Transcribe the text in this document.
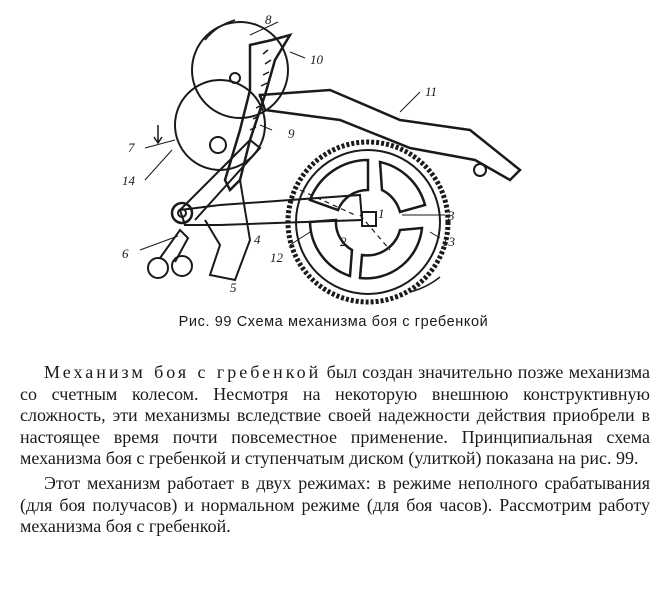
1
2
3
4
5
6
7
8
9
10
11
12
13
14
Рис. 99 Схема механизма боя с гребенкой

Механизм боя с гребенкой был создан значительно позже механизма со счетным колесом. Несмотря на некоторую внешнюю конструктивную сложность, эти механизмы вследствие своей надежности действия приобрели в настоящее время почти повсеместное применение. Принципиальная схема механизма боя с гребенкой и ступенчатым диском (улиткой) показана на рис. 99.

Этот механизм работает в двух режимах: в режиме неполного срабатывания (для боя получасов) и нормальном режиме (для боя часов). Рассмотрим работу механизма боя с гребенкой.
